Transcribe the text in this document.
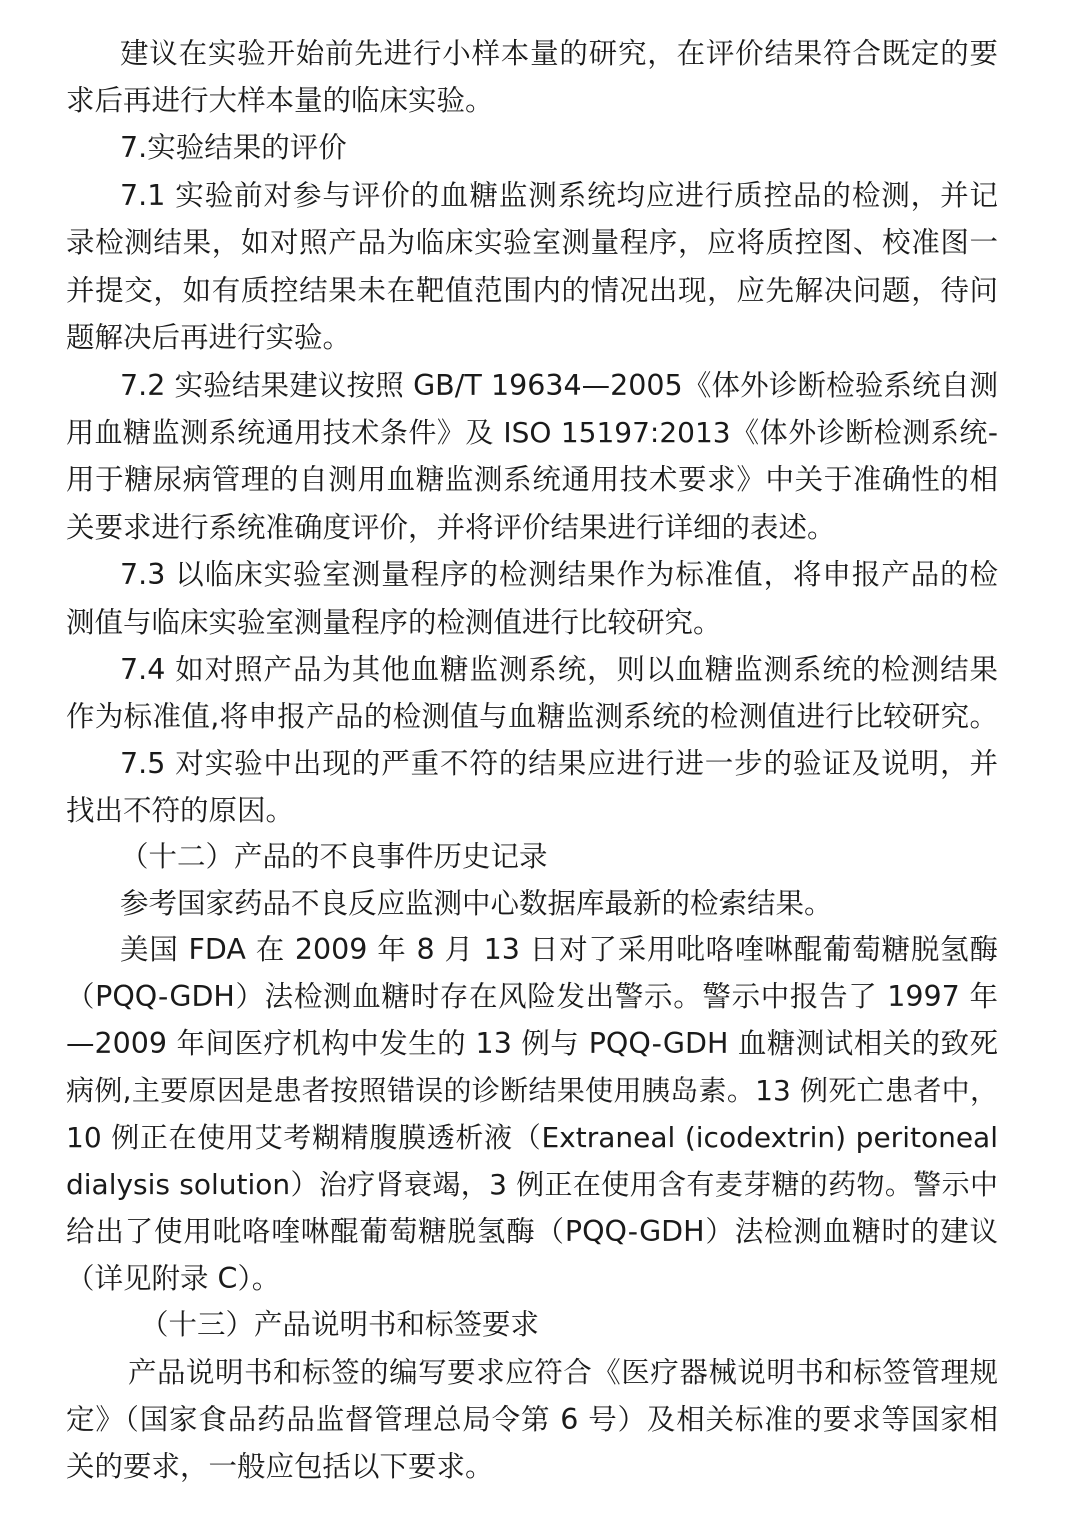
建议在实验开始前先进行小样本量的研究，在评价结果符合既定的要
求后再进行大样本量的临床实验。
7.实验结果的评价
7.1 实验前对参与评价的血糖监测系统均应进行质控品的检测，并记
录检测结果，如对照产品为临床实验室测量程序，应将质控图、校准图一
并提交，如有质控结果未在靶值范围内的情况出现，应先解决问题，待问
题解决后再进行实验。
7.2 实验结果建议按照 GB/T 19634—2005《体外诊断检验系统自测
用血糖监测系统通用技术条件》及 ISO 15197:2013《体外诊断检测系统-
用于糖尿病管理的自测用血糖监测系统通用技术要求》中关于准确性的相
关要求进行系统准确度评价，并将评价结果进行详细的表述。
7.3 以临床实验室测量程序的检测结果作为标准值，将申报产品的检
测值与临床实验室测量程序的检测值进行比较研究。
7.4 如对照产品为其他血糖监测系统，则以血糖监测系统的检测结果
作为标准值,将申报产品的检测值与血糖监测系统的检测值进行比较研究。
7.5 对实验中出现的严重不符的结果应进行进一步的验证及说明，并
找出不符的原因。
（十二）产品的不良事件历史记录
参考国家药品不良反应监测中心数据库最新的检索结果。
美国 FDA 在 2009 年 8 月 13 日对了采用吡咯喹啉醌葡萄糖脱氢酶
（PQQ-GDH）法检测血糖时存在风险发出警示。警示中报告了 1997 年
—2009 年间医疗机构中发生的 13 例与 PQQ-GDH 血糖测试相关的致死
病例,主要原因是患者按照错误的诊断结果使用胰岛素。13 例死亡患者中，
10 例正在使用艾考糊精腹膜透析液（Extraneal (icodextrin) peritoneal
dialysis solution）治疗肾衰竭，3 例正在使用含有麦芽糖的药物。警示中
给出了使用吡咯喹啉醌葡萄糖脱氢酶（PQQ-GDH）法检测血糖时的建议
（详见附录 C）。
（十三）产品说明书和标签要求
产品说明书和标签的编写要求应符合《医疗器械说明书和标签管理规
定》（国家食品药品监督管理总局令第 6 号）及相关标准的要求等国家相
关的要求，一般应包括以下要求。
